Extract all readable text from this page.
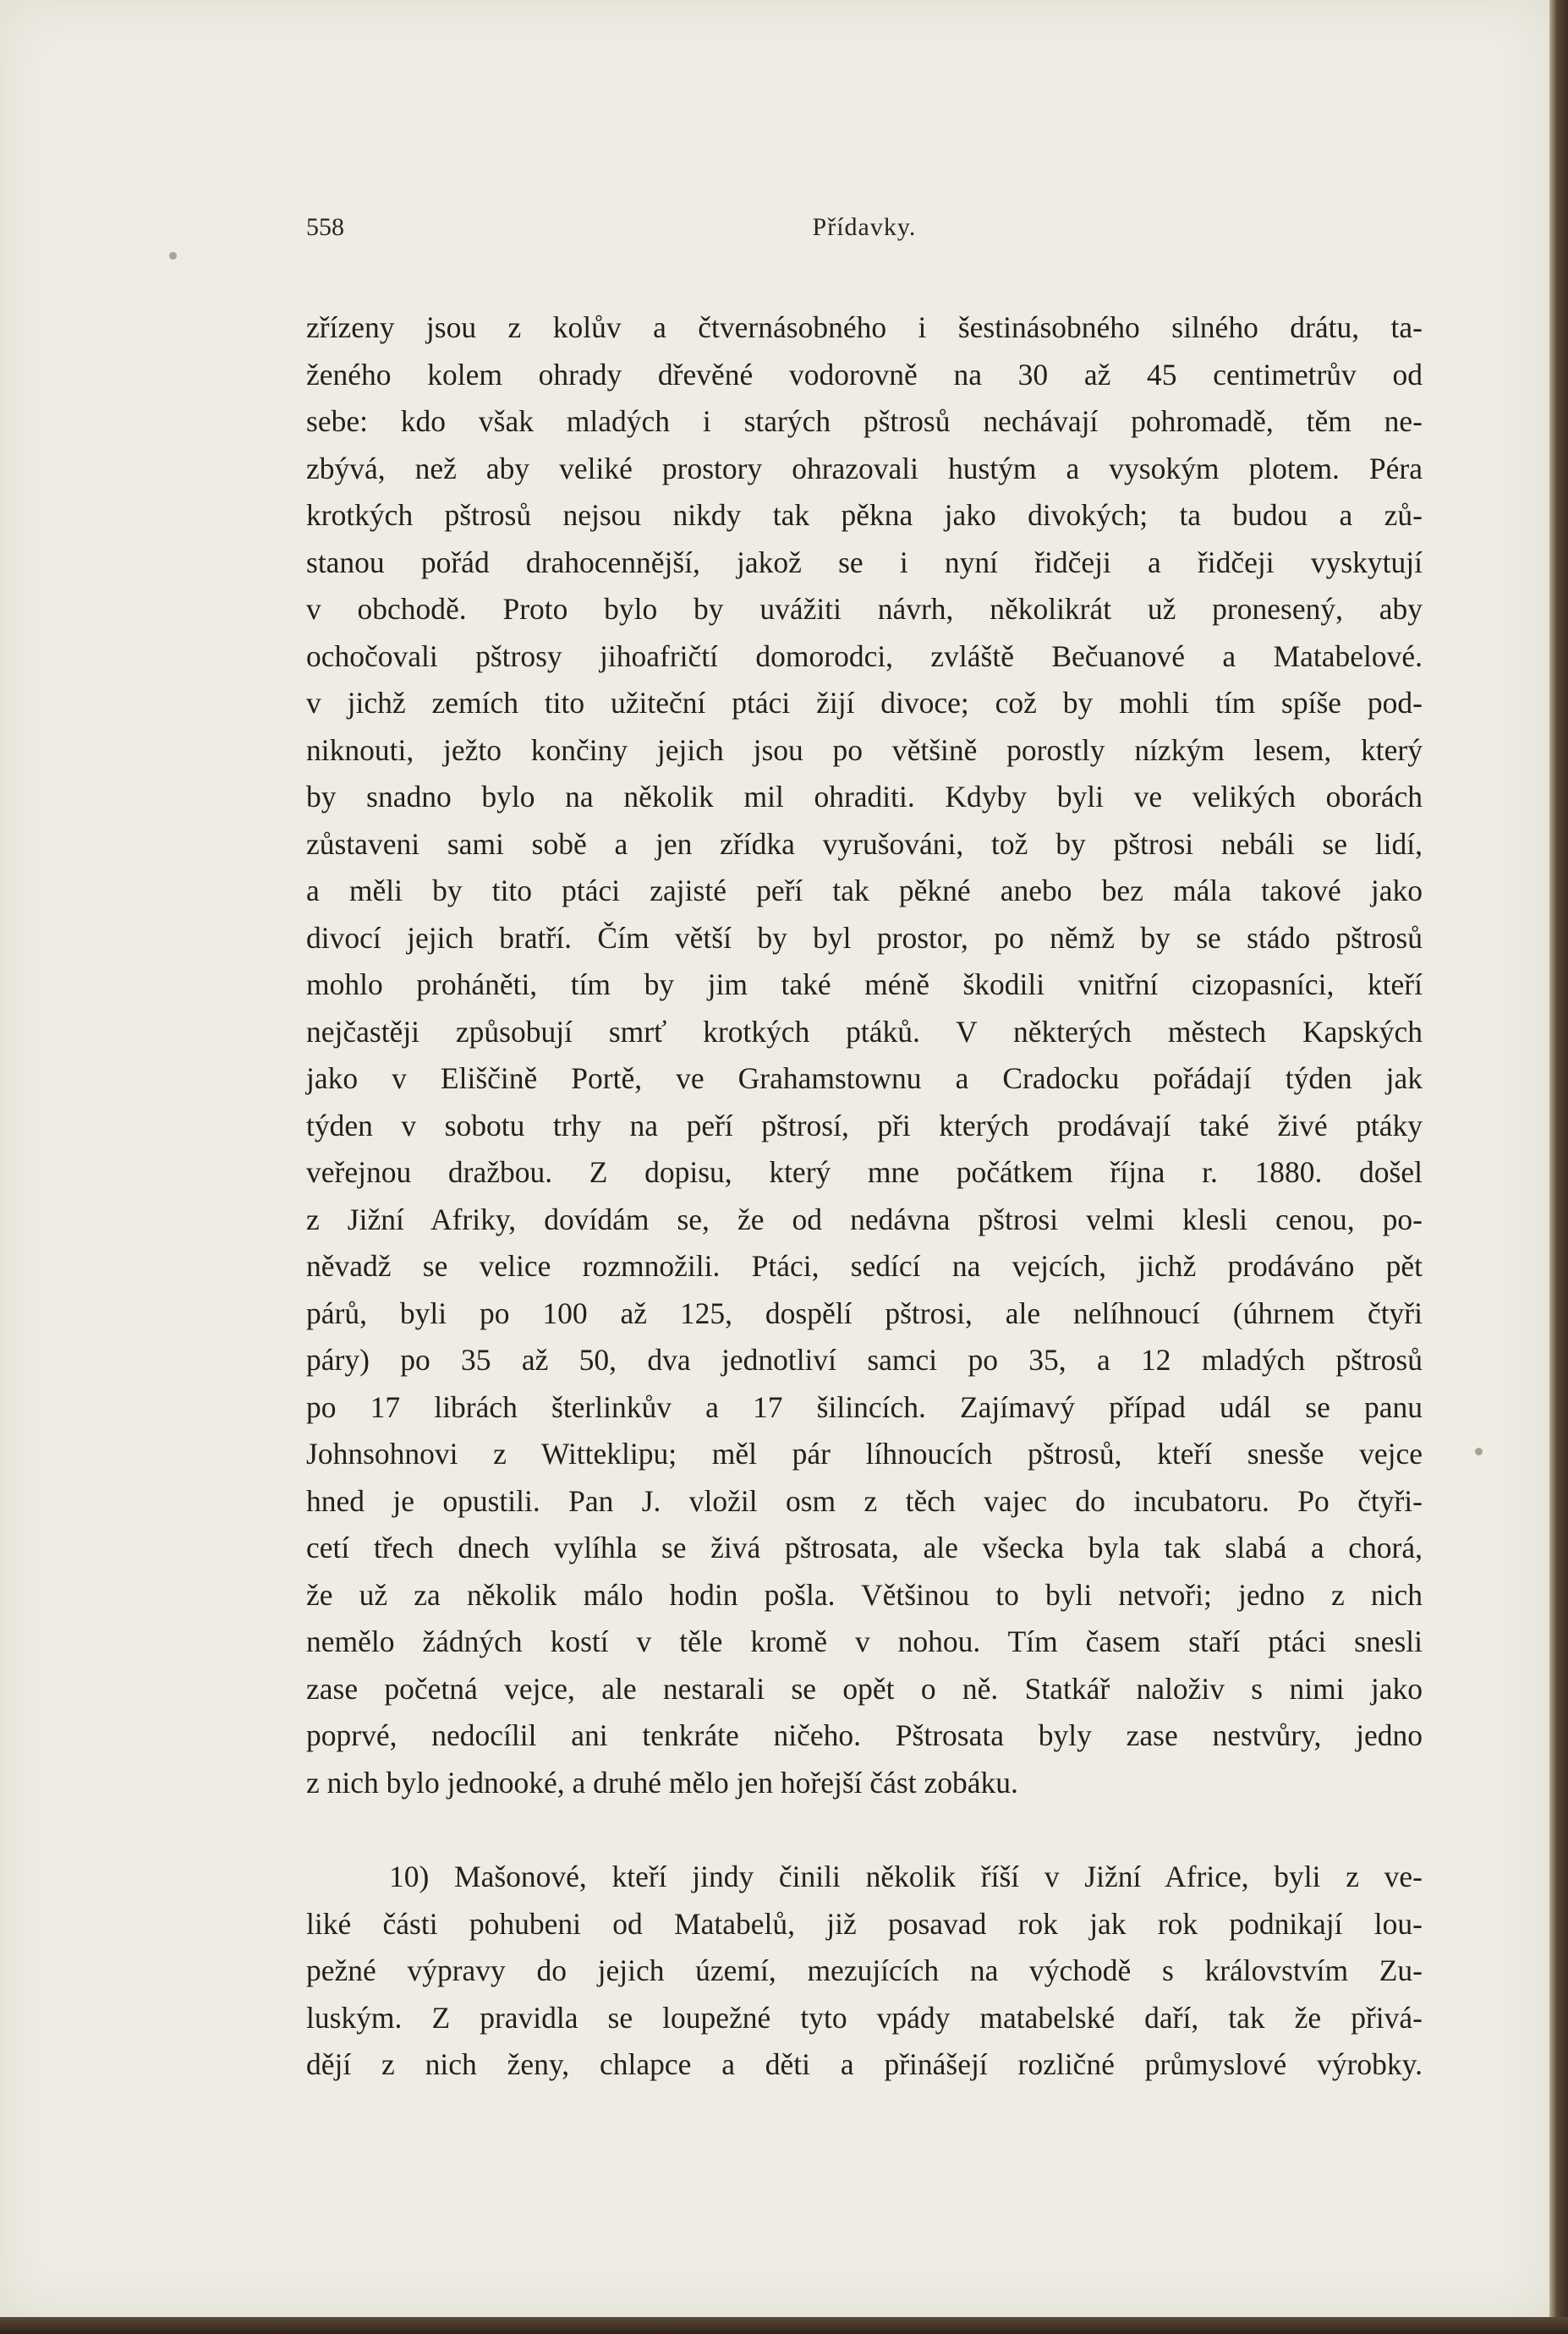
558	Přídavky.
zřízeny jsou z kolův a čtvernásobného i šestinásobného silného drátu, ta-
ženého kolem ohrady dřevěné vodorovně na 30 až 45 centimetrův od
sebe: kdo však mladých i starých pštrosů nechávají pohromadě, těm ne-
zbývá, než aby veliké prostory ohrazovali hustým a vysokým plotem. Péra
krotkých pštrosů nejsou nikdy tak pěkna jako divokých; ta budou a zů-
stanou pořád drahocennější, jakož se i nyní řidčeji a řidčeji vyskytují
v obchodě. Proto bylo by uvážiti návrh, několikrát už pronesený, aby
ochočovali pštrosy jihoafričtí domorodci, zvláště Bečuanové a Matabelové.
v jichž zemích tito užiteční ptáci žijí divoce; což by mohli tím spíše pod-
niknouti, ježto končiny jejich jsou po většině porostly nízkým lesem, který
by snadno bylo na několik mil ohraditi. Kdyby byli ve velikých oborách
zůstaveni sami sobě a jen zřídka vyrušováni, tož by pštrosi nebáli se lidí,
a měli by tito ptáci zajisté peří tak pěkné anebo bez mála takové jako
divocí jejich bratří. Čím větší by byl prostor, po němž by se stádo pštrosů
mohlo proháněti, tím by jim také méně škodili vnitřní cizopasníci, kteří
nejčastěji způsobují smrť krotkých ptáků. V některých městech Kapských
jako v Eliščině Portě, ve Grahamstownu a Cradocku pořádají týden jak
týden v sobotu trhy na peří pštrosí, při kterých prodávají také živé ptáky
veřejnou dražbou. Z dopisu, který mne počátkem října r. 1880. došel
z Jižní Afriky, dovídám se, že od nedávna pštrosi velmi klesli cenou, po-
něvadž se velice rozmnožili. Ptáci, sedící na vejcích, jichž prodáváno pět
párů, byli po 100 až 125, dospělí pštrosi, ale nelíhnoucí (úhrnem čtyři
páry) po 35 až 50, dva jednotliví samci po 35, a 12 mladých pštrosů
po 17 librách šterlinkův a 17 šilincích. Zajímavý případ udál se panu
Johnsohnovi z Witteklipu; měl pár líhnoucích pštrosů, kteří snesše vejce
hned je opustili. Pan J. vložil osm z těch vajec do incubatoru. Po čtyři-
cetí třech dnech vylíhla se živá pštrosata, ale všecka byla tak slabá a chorá,
že už za několik málo hodin pošla. Většinou to byli netvoři; jedno z nich
nemělo žádných kostí v těle kromě v nohou. Tím časem staří ptáci snesli
zase početná vejce, ale nestarali se opět o ně. Statkář naloživ s nimi jako
poprvé, nedocílil ani tenkráte ničeho. Pštrosata byly zase nestvůry, jedno
z nich bylo jednooké, a druhé mělo jen hořejší část zobáku.
10) Mašonové, kteří jindy činili několik říší v Jižní Africe, byli z ve-
liké části pohubeni od Matabelů, již posavad rok jak rok podnikají lou-
pežné výpravy do jejich území, mezujících na východě s královstvím Zu-
luským. Z pravidla se loupežné tyto vpády matabelské daří, tak že přivá-
dějí z nich ženy, chlapce a děti a přinášejí rozličné průmyslové výrobky.
